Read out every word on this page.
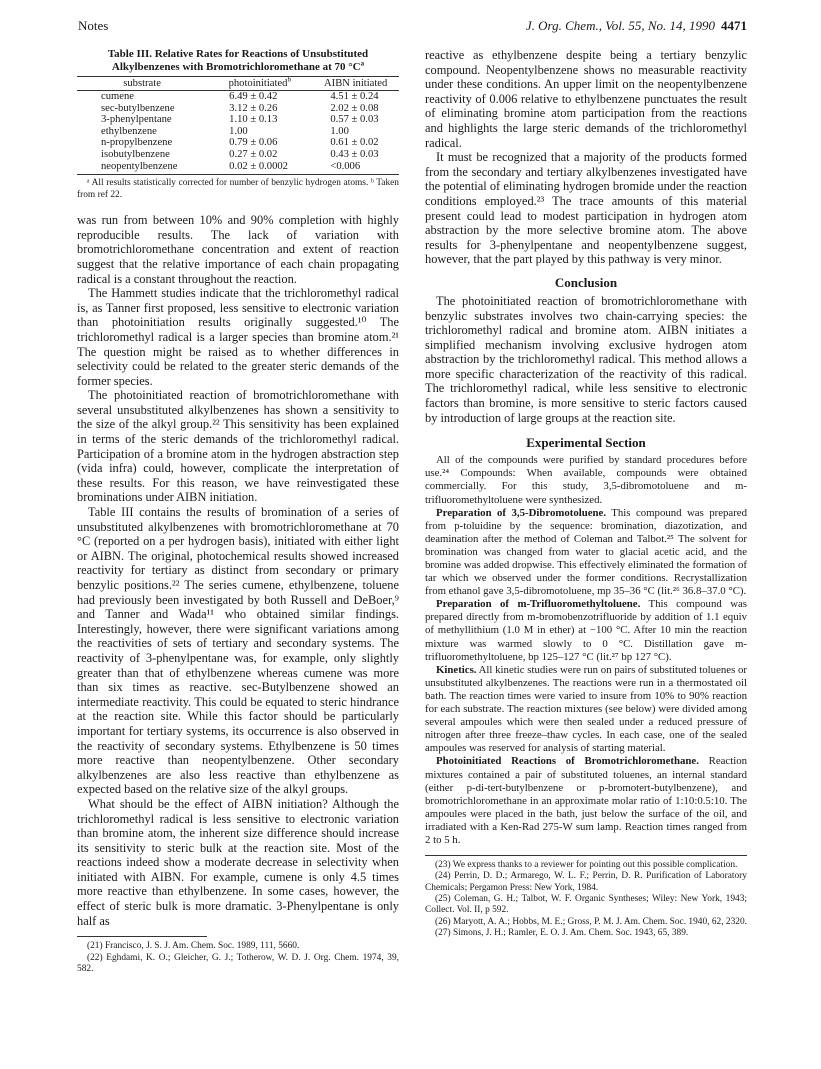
Notes	J. Org. Chem., Vol. 55, No. 14, 1990 4471
Table III. Relative Rates for Reactions of Unsubstituted Alkylbenzenes with Bromotrichloromethane at 70 $^\circ C^a$
substrate	photoinitiated$^b$	AIBN initiated
cumene	6.49 ± 0.42	4.51 ± 0.24
sec-butylbenzene	3.12 ± 0.26	2.02 ± 0.08
3-phenylpentane	1.10 ± 0.13	0.57 ± 0.03
ethylbenzene	1.00	1.00
n-propylbenzene	0.79 ± 0.06	0.61 ± 0.02
isobutylbenzene	0.27 ± 0.02	0.43 ± 0.03
neopentylbenzene	0.02 ± 0.0002	<0.006
ᵃ All results statistically corrected for number of benzylic hydrogen atoms. ᵇ Taken from ref 22.

was run from between 10% and 90% completion with highly reproducible results. The lack of variation with bromotrichloromethane concentration and extent of reaction suggest that the relative importance of each chain propagating radical is a constant throughout the reaction.

The Hammett studies indicate that the trichloromethyl radical is, as Tanner first proposed, less sensitive to electronic variation than photoinitiation results originally suggested.¹⁰ The trichloromethyl radical is a larger species than bromine atom.²¹ The question might be raised as to whether differences in selectivity could be related to the greater steric demands of the former species.

The photoinitiated reaction of bromotrichloromethane with several unsubstituted alkylbenzenes has shown a sensitivity to the size of the alkyl group.²² This sensitivity has been explained in terms of the steric demands of the trichloromethyl radical. Participation of a bromine atom in the hydrogen abstraction step (vida infra) could, however, complicate the interpretation of these results. For this reason, we have reinvestigated these brominations under AIBN initiation.

Table III contains the results of bromination of a series of unsubstituted alkylbenzenes with bromotrichloromethane at 70 °C (reported on a per hydrogen basis), initiated with either light or AIBN. The original, photochemical results showed increased reactivity for tertiary as distinct from secondary or primary benzylic positions.²² The series cumene, ethylbenzene, toluene had previously been investigated by both Russell and DeBoer,⁹ and Tanner and Wada¹¹ who obtained similar findings. Interestingly, however, there were significant variations among the reactivities of sets of tertiary and secondary systems. The reactivity of 3-phenylpentane was, for example, only slightly greater than that of ethylbenzene whereas cumene was more than six times as reactive. sec-Butylbenzene showed an intermediate reactivity. This could be equated to steric hindrance at the reaction site. While this factor should be particularly important for tertiary systems, its occurrence is also observed in the reactivity of secondary systems. Ethylbenzene is 50 times more reactive than neopentylbenzene. Other secondary alkylbenzenes are also less reactive than ethylbenzene as expected based on the relative size of the alkyl groups.

What should be the effect of AIBN initiation? Although the trichloromethyl radical is less sensitive to electronic variation than bromine atom, the inherent size difference should increase its sensitivity to steric bulk at the reaction site. Most of the reactions indeed show a moderate decrease in selectivity when initiated with AIBN. For example, cumene is only 4.5 times more reactive than ethylbenzene. In some cases, however, the effect of steric bulk is more dramatic. 3-Phenylpentane is only half as

(21) Francisco, J. S. J. Am. Chem. Soc. 1989, 111, 5660.

(22) Eghdami, K. O.; Gleicher, G. J.; Totherow, W. D. J. Org. Chem. 1974, 39, 582.

reactive as ethylbenzene despite being a tertiary benzylic compound. Neopentylbenzene shows no measurable reactivity under these conditions. An upper limit on the neopentylbenzene reactivity of 0.006 relative to ethylbenzene punctuates the result of eliminating bromine atom participation from the reactions and highlights the large steric demands of the trichloromethyl radical.

It must be recognized that a majority of the products formed from the secondary and tertiary alkylbenzenes investigated have the potential of eliminating hydrogen bromide under the reaction conditions employed.²³ The trace amounts of this material present could lead to modest participation in hydrogen atom abstraction by the more selective bromine atom. The above results for 3-phenylpentane and neopentylbenzene suggest, however, that the part played by this pathway is very minor.

Conclusion

The photoinitiated reaction of bromotrichloromethane with benzylic substrates involves two chain-carrying species: the trichloromethyl radical and bromine atom. AIBN initiates a simplified mechanism involving exclusive hydrogen atom abstraction by the trichloromethyl radical. This method allows a more specific characterization of the reactivity of this radical. The trichloromethyl radical, while less sensitive to electronic factors than bromine, is more sensitive to steric factors caused by introduction of large groups at the reaction site.

Experimental Section

All of the compounds were purified by standard procedures before use.²⁴ Compounds: When available, compounds were obtained commercially. For this study, 3,5-dibromotoluene and m-trifluoromethyltoluene were synthesized.

Preparation of 3,5-Dibromotoluene. This compound was prepared from p-toluidine by the sequence: bromination, diazotization, and deamination after the method of Coleman and Talbot.²⁵ The solvent for bromination was changed from water to glacial acetic acid, and the bromine was added dropwise. This effectively eliminated the formation of tar which we observed under the former conditions. Recrystallization from ethanol gave 3,5-dibromotoluene, mp 35–36 °C (lit.²⁶ 36.8–37.0 °C).

Preparation of m-Trifluoromethyltoluene. This compound was prepared directly from m-bromobenzotrifluoride by addition of 1.1 equiv of methyllithium (1.0 M in ether) at −100 °C. After 10 min the reaction mixture was warmed slowly to 0 °C. Distillation gave m-trifluoromethyltoluene, bp 125–127 °C (lit.²⁷ bp 127 °C).

Kinetics. All kinetic studies were run on pairs of substituted toluenes or unsubstituted alkylbenzenes. The reactions were run in a thermostated oil bath. The reaction times were varied to insure from 10% to 90% reaction for each substrate. The reaction mixtures (see below) were divided among several ampoules which were then sealed under a reduced pressure of nitrogen after three freeze–thaw cycles. In each case, one of the sealed ampoules was reserved for analysis of starting material.

Photoinitiated Reactions of Bromotrichloromethane. Reaction mixtures contained a pair of substituted toluenes, an internal standard (either p-di-tert-butylbenzene or p-bromotert-butylbenzene), and bromotrichloromethane in an approximate molar ratio of 1:10:0.5:10. The ampoules were placed in the bath, just below the surface of the oil, and irradiated with a Ken-Rad 275-W sum lamp. Reaction times ranged from 2 to 5 h.

(23) We express thanks to a reviewer for pointing out this possible complication.

(24) Perrin, D. D.; Armarego, W. L. F.; Perrin, D. R. Purification of Laboratory Chemicals; Pergamon Press: New York, 1984.

(25) Coleman, G. H.; Talbot, W. F. Organic Syntheses; Wiley: New York, 1943; Collect. Vol. II, p 592.

(26) Maryott, A. A.; Hobbs, M. E.; Gross, P. M. J. Am. Chem. Soc. 1940, 62, 2320.

(27) Simons, J. H.; Ramler, E. O. J. Am. Chem. Soc. 1943, 65, 389.
